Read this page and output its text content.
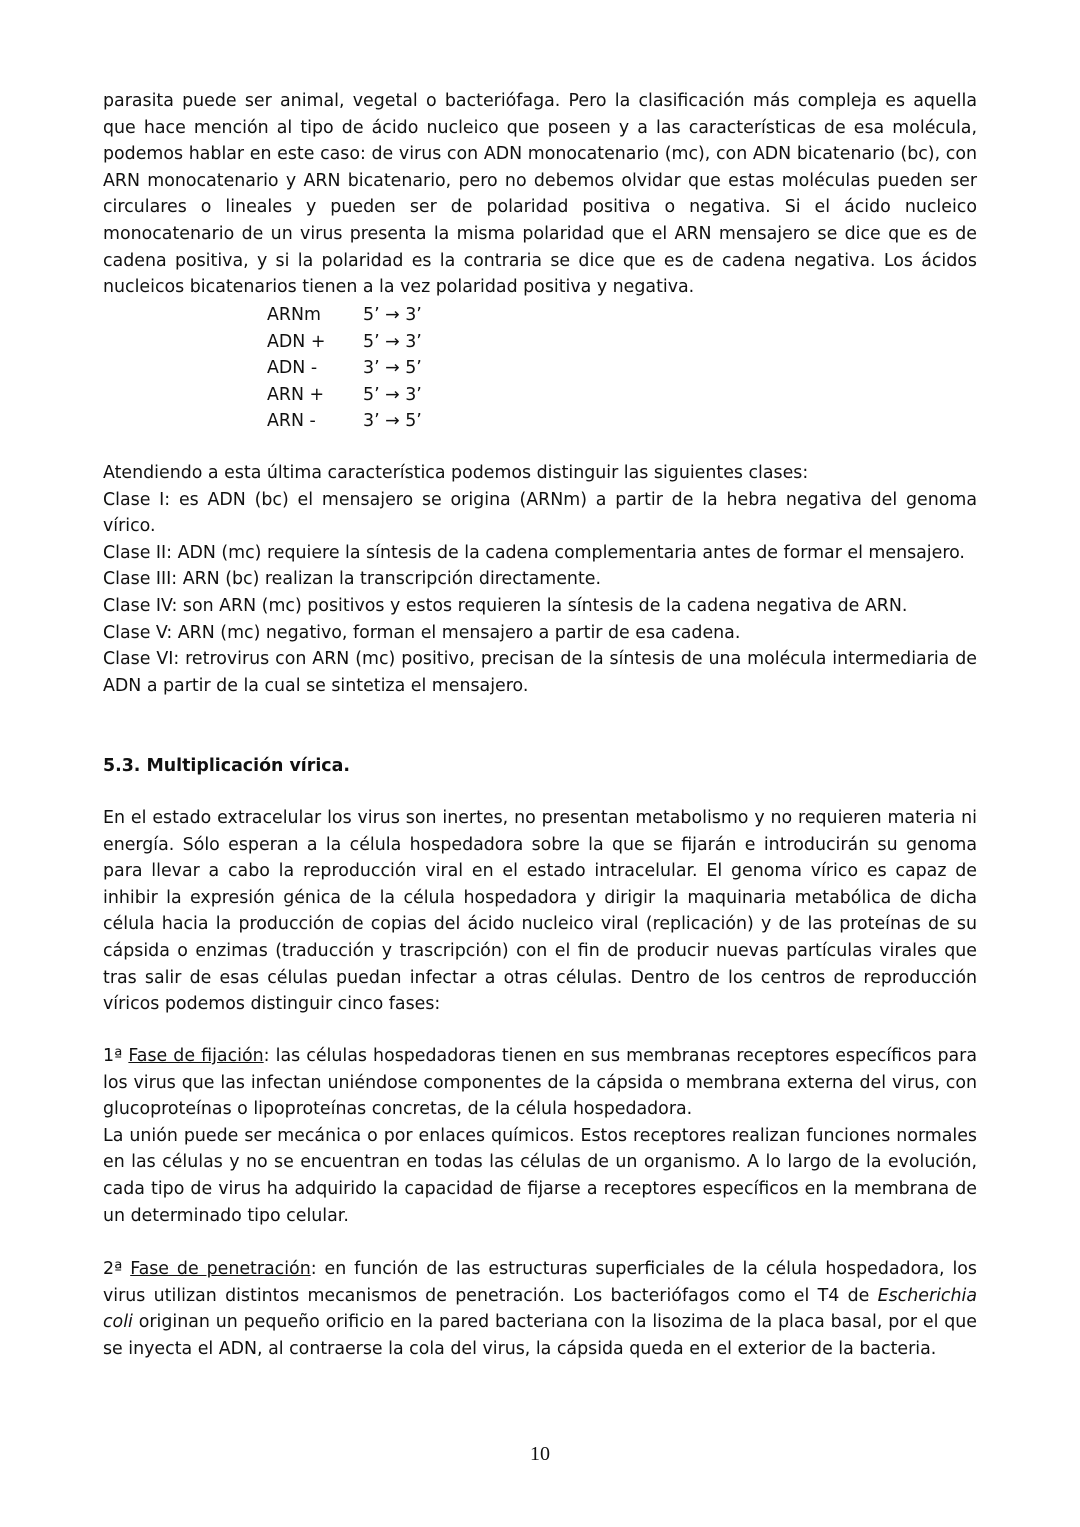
parasita puede ser animal, vegetal o bacteriófaga. Pero la clasificación más compleja es aquella que hace mención al tipo de ácido nucleico que poseen y a las características de esa molécula, podemos hablar en este caso: de virus con ADN monocatenario (mc), con ADN bicatenario (bc), con ARN monocatenario y ARN bicatenario, pero no debemos olvidar que estas moléculas pueden ser circulares o lineales y pueden ser de polaridad positiva o negativa. Si el ácido nucleico monocatenario de un virus presenta la misma polaridad que el ARN mensajero se dice que es de cadena positiva, y si la polaridad es la contraria se dice que es de cadena negativa. Los ácidos nucleicos bicatenarios tienen a la vez polaridad positiva y negativa.

ARNm	5’ → 3’
ADN +	5’ → 3’
ADN -	3’ → 5’
ARN +	5’ → 3’
ARN -	3’ → 5’

Atendiendo a esta última característica podemos distinguir las siguientes clases:

Clase I: es ADN (bc) el mensajero se origina (ARNm) a partir de la hebra negativa del genoma vírico.

Clase II: ADN (mc) requiere la síntesis de la cadena complementaria antes de formar el mensajero.

Clase III: ARN (bc) realizan la transcripción directamente.

Clase IV: son ARN (mc) positivos y estos requieren la síntesis de la cadena negativa de ARN.

Clase V: ARN (mc) negativo, forman el mensajero a partir de esa cadena.

Clase VI: retrovirus con ARN (mc) positivo, precisan de la síntesis de una molécula intermediaria de ADN a partir de la cual se sintetiza el mensajero.

5.3. Multiplicación vírica.

En el estado extracelular los virus son inertes, no presentan metabolismo y no requieren materia ni energía. Sólo esperan a la célula hospedadora sobre la que se fijarán e introducirán su genoma para llevar a cabo la reproducción viral en el estado intracelular. El genoma vírico es capaz de inhibir la expresión génica de la célula hospedadora y dirigir la maquinaria metabólica de dicha célula hacia la producción de copias del ácido nucleico viral (replicación) y de las proteínas de su cápsida o enzimas (traducción y trascripción) con el fin de producir nuevas partículas virales que tras salir de esas células puedan infectar a otras células. Dentro de los centros de reproducción víricos podemos distinguir cinco fases:

1ª Fase de fijación: las células hospedadoras tienen en sus membranas receptores específicos para los virus que las infectan uniéndose componentes de la cápsida o membrana externa del virus, con glucoproteínas o lipoproteínas concretas, de la célula hospedadora.

La unión puede ser mecánica o por enlaces químicos. Estos receptores realizan funciones normales en las células y no se encuentran en todas las células de un organismo. A lo largo de la evolución, cada tipo de virus ha adquirido la capacidad de fijarse a receptores específicos en la membrana de un determinado tipo celular.

2ª Fase de penetración: en función de las estructuras superficiales de la célula hospedadora, los virus utilizan distintos mecanismos de penetración. Los bacteriófagos como el T4 de Escherichia coli originan un pequeño orificio en la pared bacteriana con la lisozima de la placa basal, por el que se inyecta el ADN, al contraerse la cola del virus, la cápsida queda en el exterior de la bacteria.

10
